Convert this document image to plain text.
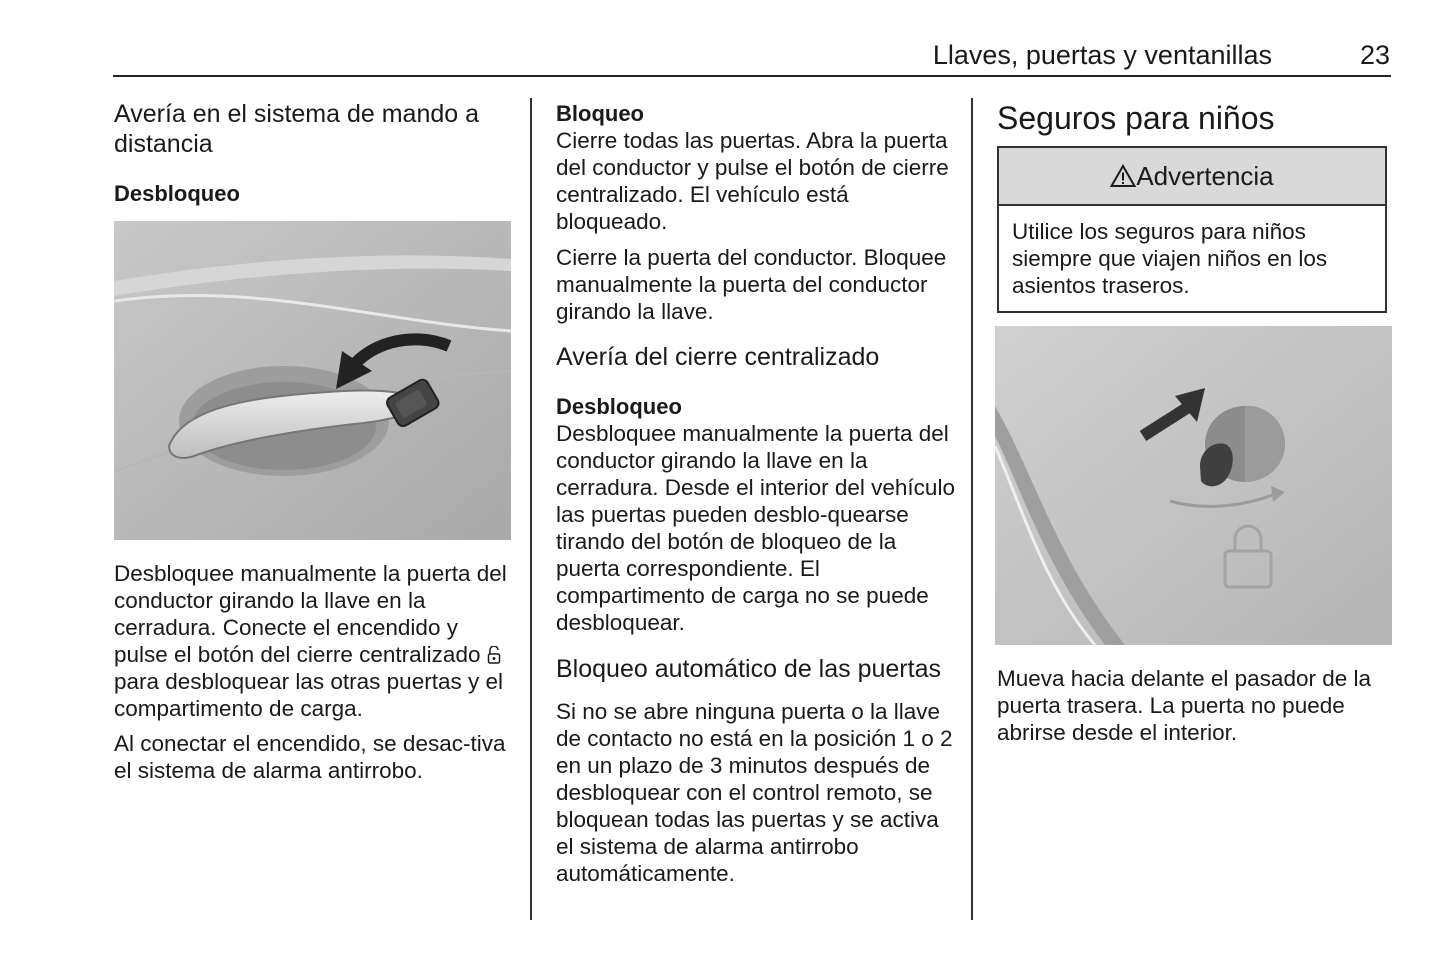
Llaves, puertas y ventanillas	23
Avería en el sistema de mando a distancia
Desbloqueo

Desbloquee manualmente la puerta del conductor girando la llave en la cerradura. Conecte el encendido y pulse el botón del cierre centralizado  para desbloquear las otras puertas y el compartimento de carga.

Al conectar el encendido, se desac-tiva el sistema de alarma antirrobo.

Bloqueo

Cierre todas las puertas. Abra la puerta del conductor y pulse el botón de cierre centralizado. El vehículo está bloqueado.

Cierre la puerta del conductor. Bloquee manualmente la puerta del conductor girando la llave.

Avería del cierre centralizado
Desbloqueo

Desbloquee manualmente la puerta del conductor girando la llave en la cerradura. Desde el interior del vehículo las puertas pueden desblo-quearse tirando del botón de bloqueo de la puerta correspondiente. El compartimento de carga no se puede desbloquear.

Bloqueo automático de las puertas

Si no se abre ninguna puerta o la llave de contacto no está en la posición 1 o 2 en un plazo de 3 minutos después de desbloquear con el control remoto, se bloquean todas las puertas y se activa el sistema de alarma antirrobo automáticamente.

Seguros para niños
Advertencia
Utilice los seguros para niños siempre que viajen niños en los asientos traseros.

Mueva hacia delante el pasador de la puerta trasera. La puerta no puede abrirse desde el interior.
